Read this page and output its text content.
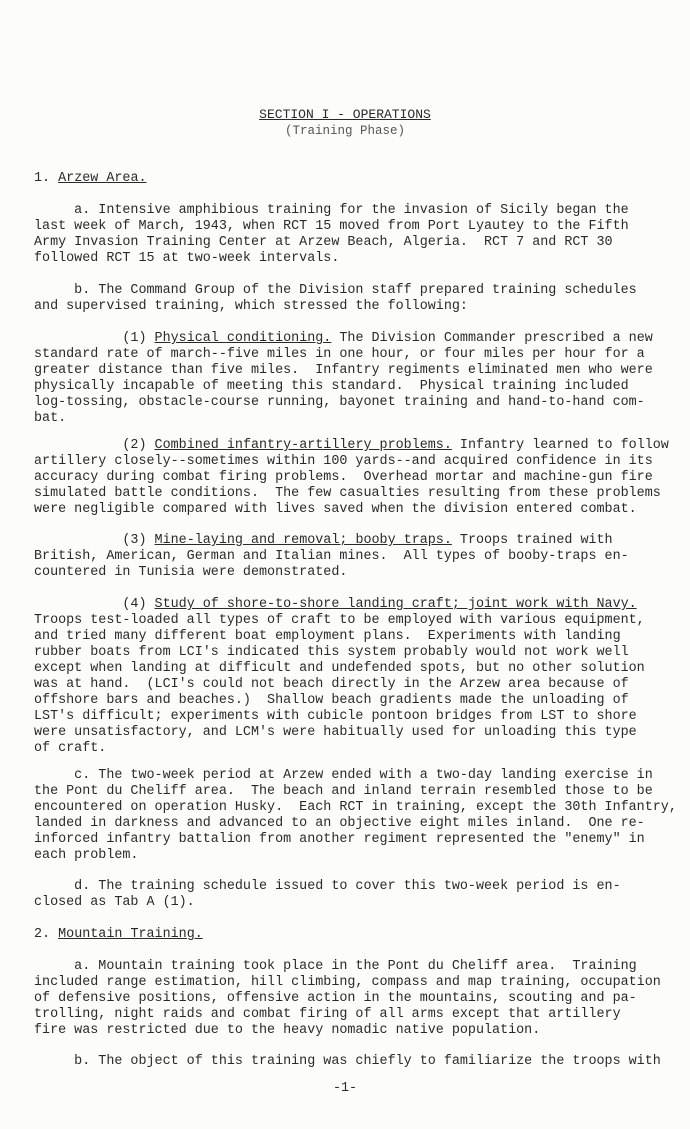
SECTION I - OPERATIONS
(Training Phase)
1. Arzew Area.
a. Intensive amphibious training for the invasion of Sicily began the
last week of March, 1943, when RCT 15 moved from Port Lyautey to the Fifth
Army Invasion Training Center at Arzew Beach, Algeria.  RCT 7 and RCT 30
followed RCT 15 at two-week intervals.
b. The Command Group of the Division staff prepared training schedules
and supervised training, which stressed the following:
(1) Physical conditioning. The Division Commander prescribed a new
standard rate of march--five miles in one hour, or four miles per hour for a
greater distance than five miles.  Infantry regiments eliminated men who were
physically incapable of meeting this standard.  Physical training included
log-tossing, obstacle-course running, bayonet training and hand-to-hand com-
bat.
(2) Combined infantry-artillery problems. Infantry learned to follow
artillery closely--sometimes within 100 yards--and acquired confidence in its
accuracy during combat firing problems.  Overhead mortar and machine-gun fire
simulated battle conditions.  The few casualties resulting from these problems
were negligible compared with lives saved when the division entered combat.
(3) Mine-laying and removal; booby traps. Troops trained with
British, American, German and Italian mines.  All types of booby-traps en-
countered in Tunisia were demonstrated.
(4) Study of shore-to-shore landing craft; joint work with Navy.
Troops test-loaded all types of craft to be employed with various equipment,
and tried many different boat employment plans.  Experiments with landing
rubber boats from LCI's indicated this system probably would not work well
except when landing at difficult and undefended spots, but no other solution
was at hand.  (LCI's could not beach directly in the Arzew area because of
offshore bars and beaches.)  Shallow beach gradients made the unloading of
LST's difficult; experiments with cubicle pontoon bridges from LST to shore
were unsatisfactory, and LCM's were habitually used for unloading this type
of craft.
c. The two-week period at Arzew ended with a two-day landing exercise in
the Pont du Cheliff area.  The beach and inland terrain resembled those to be
encountered on operation Husky.  Each RCT in training, except the 30th Infantry,
landed in darkness and advanced to an objective eight miles inland.  One re-
inforced infantry battalion from another regiment represented the "enemy" in
each problem.
d. The training schedule issued to cover this two-week period is en-
closed as Tab A (1).
2. Mountain Training.
a. Mountain training took place in the Pont du Cheliff area.  Training
included range estimation, hill climbing, compass and map training, occupation
of defensive positions, offensive action in the mountains, scouting and pa-
trolling, night raids and combat firing of all arms except that artillery
fire was restricted due to the heavy nomadic native population.
b. The object of this training was chiefly to familiarize the troops with
-1-
